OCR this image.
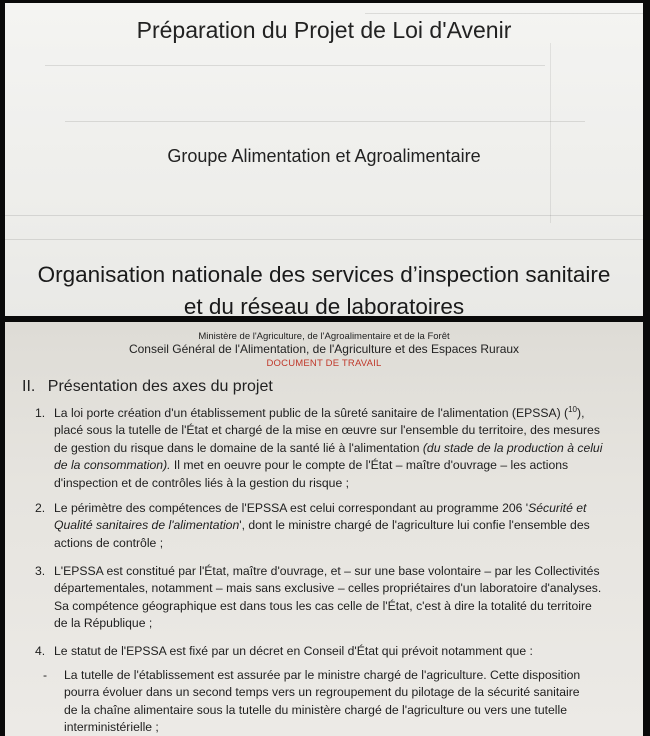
Préparation du Projet de Loi d'Avenir
Groupe Alimentation et Agroalimentaire
Organisation nationale des services d’inspection sanitaire
et du réseau de laboratoires
Ministère de l'Agriculture, de l'Agroalimentaire et de la Forêt
Conseil Général de l'Alimentation, de l'Agriculture et des Espaces Ruraux
DOCUMENT DE TRAVAIL
II. Présentation des axes du projet
1. La loi porte création d'un établissement public de la sûreté sanitaire de l'alimentation (EPSSA) ($^{10}$),
placé sous la tutelle de l'État et chargé de la mise en œuvre sur l'ensemble du territoire, des mesures
de gestion du risque dans le domaine de la santé lié à l'alimentation (du stade de la production à celui
de la consommation). Il met en oeuvre pour le compte de l'État – maître d'ouvrage – les actions
d'inspection et de contrôles liés à la gestion du risque ;

2. Le périmètre des compétences de l'EPSSA est celui correspondant au programme 206 'Sécurité et
Qualité sanitaires de l'alimentation', dont le ministre chargé de l'agriculture lui confie l'ensemble des
actions de contrôle ;

3. L'EPSSA est constitué par l'État, maître d'ouvrage, et – sur une base volontaire – par les Collectivités
départementales, notamment – mais sans exclusive – celles propriétaires d'un laboratoire d'analyses.
Sa compétence géographique est dans tous les cas celle de l'État, c'est à dire la totalité du territoire
de la République ;

4. Le statut de l'EPSSA est fixé par un décret en Conseil d'État qui prévoit notamment que :

- La tutelle de l'établissement est assurée par le ministre chargé de l'agriculture. Cette disposition
pourra évoluer dans un second temps vers un regroupement du pilotage de la sécurité sanitaire
de la chaîne alimentaire sous la tutelle du ministère chargé de l'agriculture ou vers une tutelle
interministérielle ;
